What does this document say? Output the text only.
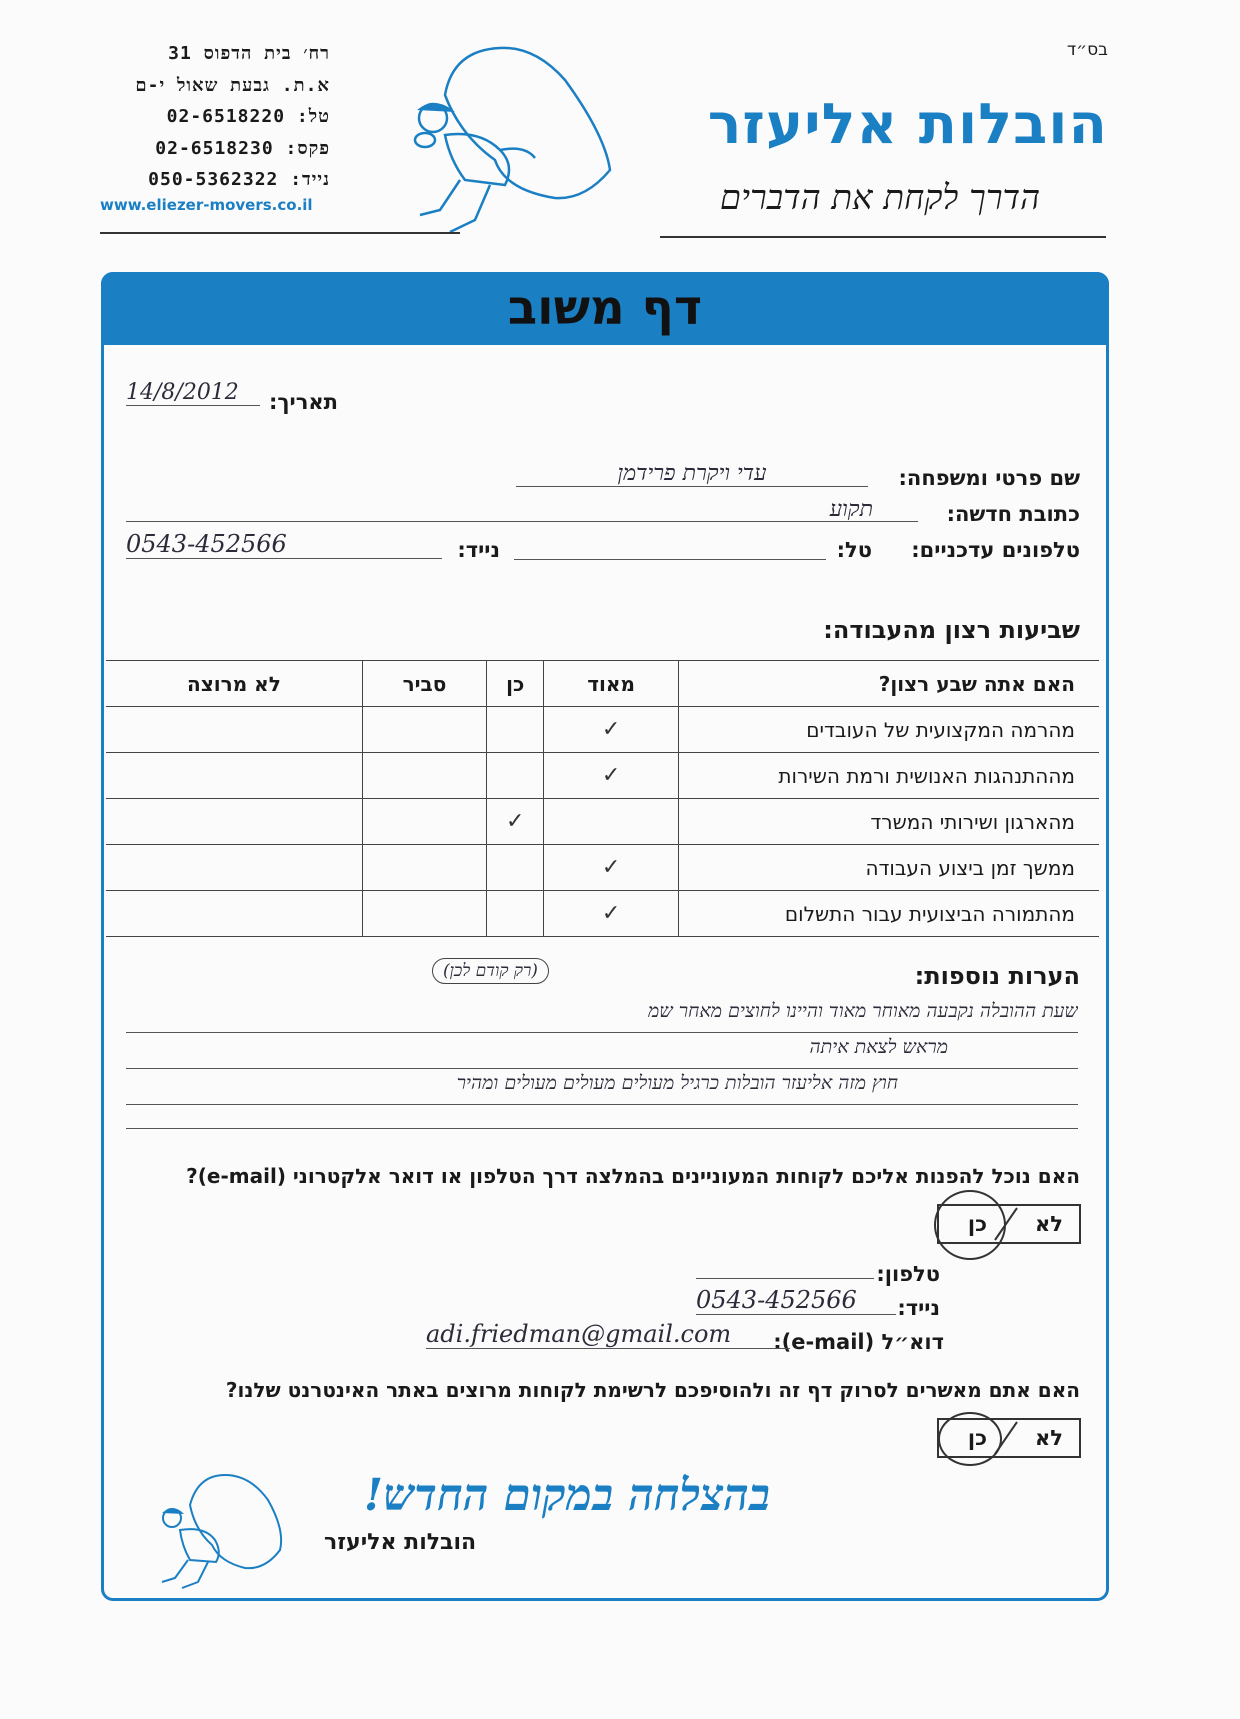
רח׳ בית הדפוס 31
א.ת. גבעת שאול י-ם
טל: 02-6518220
פקס: 02-6518230
נייד: 050-5362322
www.eliezer-movers.co.il
בס״ד
הובלות אליעזר
הדרך לקחת את הדברים
דף משוב
תאריך:
14/8/2012
שם פרטי ומשפחה:
עדי ויקרת פרידמן
כתובת חדשה:
תקוע

טלפונים עדכניים:
טל:

נייד:
0543-452566
שביעות רצון מהעבודה:
האם אתה שבע רצון?	מאוד	כן	סביר	לא מרוצה
מהרמה המקצועית של העובדים	✓			
מההתנהגות האנושית ורמת השירות	✓			
מהארגון ושירותי המשרד		✓		
ממשך זמן ביצוע העבודה	✓			
מהתמורה הביצועית עבור התשלום	✓			
הערות נוספות:
(רק קודם לכן)
שעת ההובלה נקבעה מאוחר מאוד והיינו לחוצים מאחר שמ
מראש לצאת איתה
חוץ מזה אליעזר הובלות כרגיל מעולים מעולים מעולים ומהיר
האם נוכל להפנות אליכם לקוחות המעוניינים בהמלצה דרך הטלפון או דואר אלקטרוני (e-mail)?
לא
כן
טלפון:

נייד:
0543-452566
דוא״ל (e-mail):
adi.friedman@gmail.com
האם אתם מאשרים לסרוק דף זה ולהוסיפכם לרשימת לקוחות מרוצים באתר האינטרנט שלנו?
לא
כן
בהצלחה במקום החדש!
הובלות אליעזר
